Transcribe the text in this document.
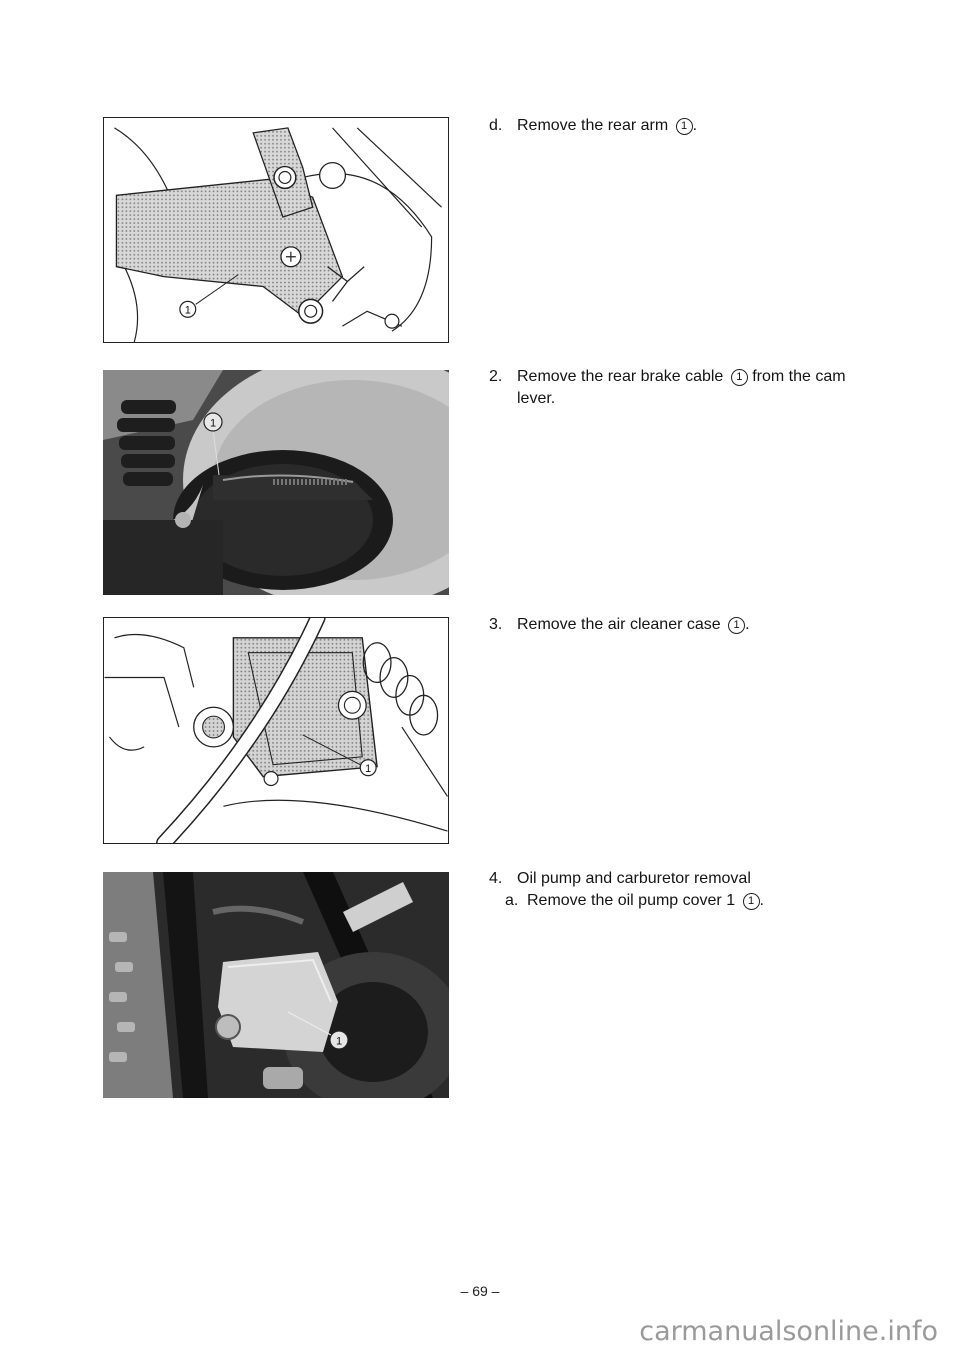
1
1
1
1
d. Remove the rear arm 1 .
2. Remove the rear brake cable 1 from the cam lever.
3. Remove the air cleaner case 1 .
4. Oil pump and carburetor removal
a. Remove the oil pump cover 1 1 .
– 69 –
carmanualsonline.info
